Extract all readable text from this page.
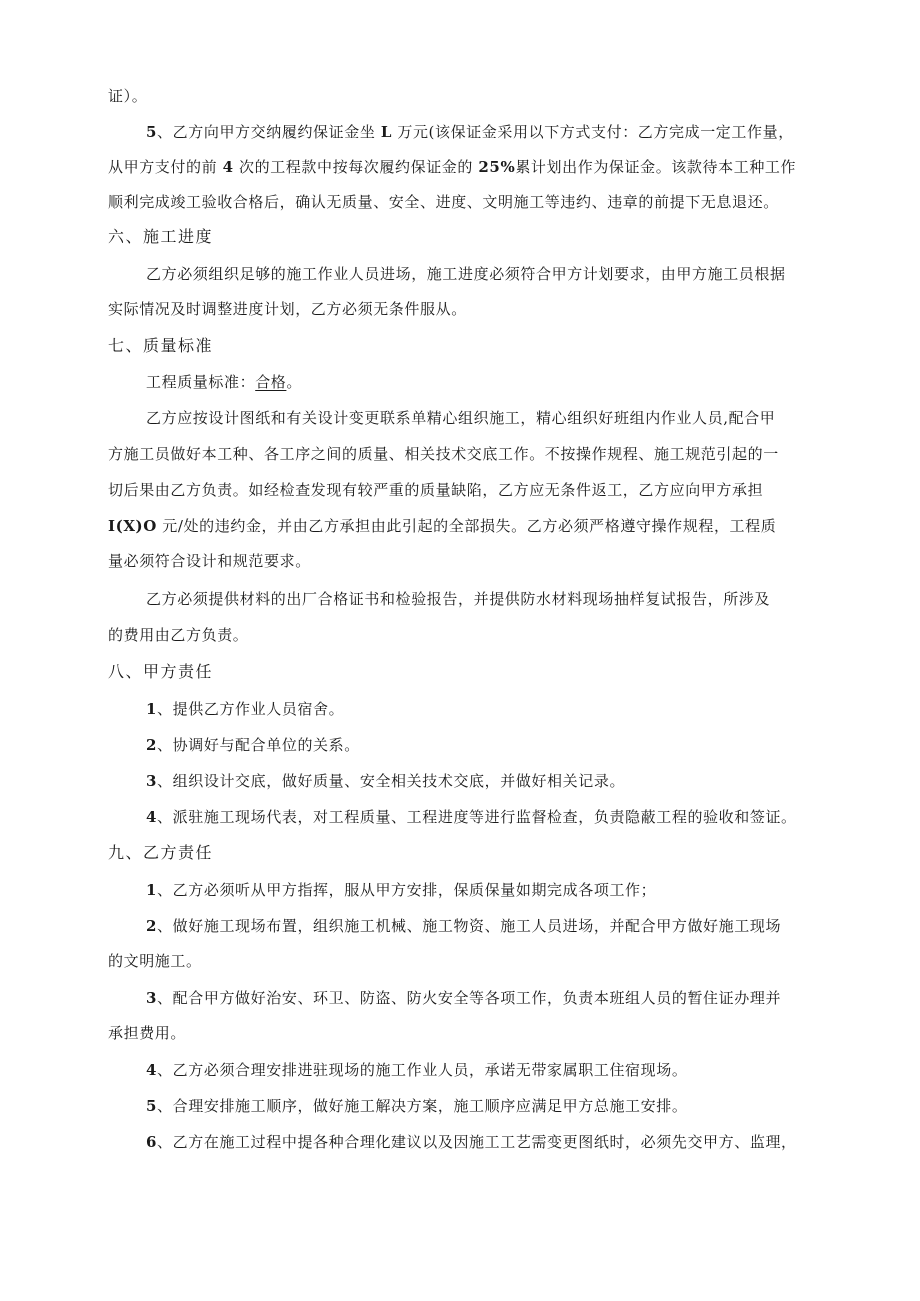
证）。

5、乙方向甲方交纳履约保证金坐 L 万元(该保证金采用以下方式支付：乙方完成一定工作量，

从甲方支付的前 4 次的工程款中按每次履约保证金的 25%累计划出作为保证金。该款待本工种工作

顺利完成竣工验收合格后，确认无质量、安全、进度、文明施工等违约、违章的前提下无息退还。

六、施工进度

乙方必须组织足够的施工作业人员进场，施工进度必须符合甲方计划要求，由甲方施工员根据

实际情况及时调整进度计划，乙方必须无条件服从。

七、质量标准

工程质量标准：合格。

乙方应按设计图纸和有关设计变更联系单精心组织施工，精心组织好班组内作业人员,配合甲

方施工员做好本工种、各工序之间的质量、相关技术交底工作。不按操作规程、施工规范引起的一

切后果由乙方负责。如经检查发现有较严重的质量缺陷，乙方应无条件返工，乙方应向甲方承担

I(X)O 元/处的违约金，并由乙方承担由此引起的全部损失。乙方必须严格遵守操作规程，工程质

量必须符合设计和规范要求。

乙方必须提供材料的出厂合格证书和检验报告，并提供防水材料现场抽样复试报告，所涉及

的费用由乙方负责。

八、甲方责任

1、提供乙方作业人员宿舍。

2、协调好与配合单位的关系。

3、组织设计交底，做好质量、安全相关技术交底，并做好相关记录。

4、派驻施工现场代表，对工程质量、工程进度等进行监督检查，负责隐蔽工程的验收和签证。

九、乙方责任

1、乙方必须听从甲方指挥，服从甲方安排，保质保量如期完成各项工作；

2、做好施工现场布置，组织施工机械、施工物资、施工人员进场，并配合甲方做好施工现场

的文明施工。

3、配合甲方做好治安、环卫、防盗、防火安全等各项工作，负责本班组人员的暂住证办理并

承担费用。

4、乙方必须合理安排进驻现场的施工作业人员，承诺无带家属职工住宿现场。

5、合理安排施工顺序，做好施工解决方案，施工顺序应满足甲方总施工安排。

6、乙方在施工过程中提各种合理化建议以及因施工工艺需变更图纸时，必须先交甲方、监理，
